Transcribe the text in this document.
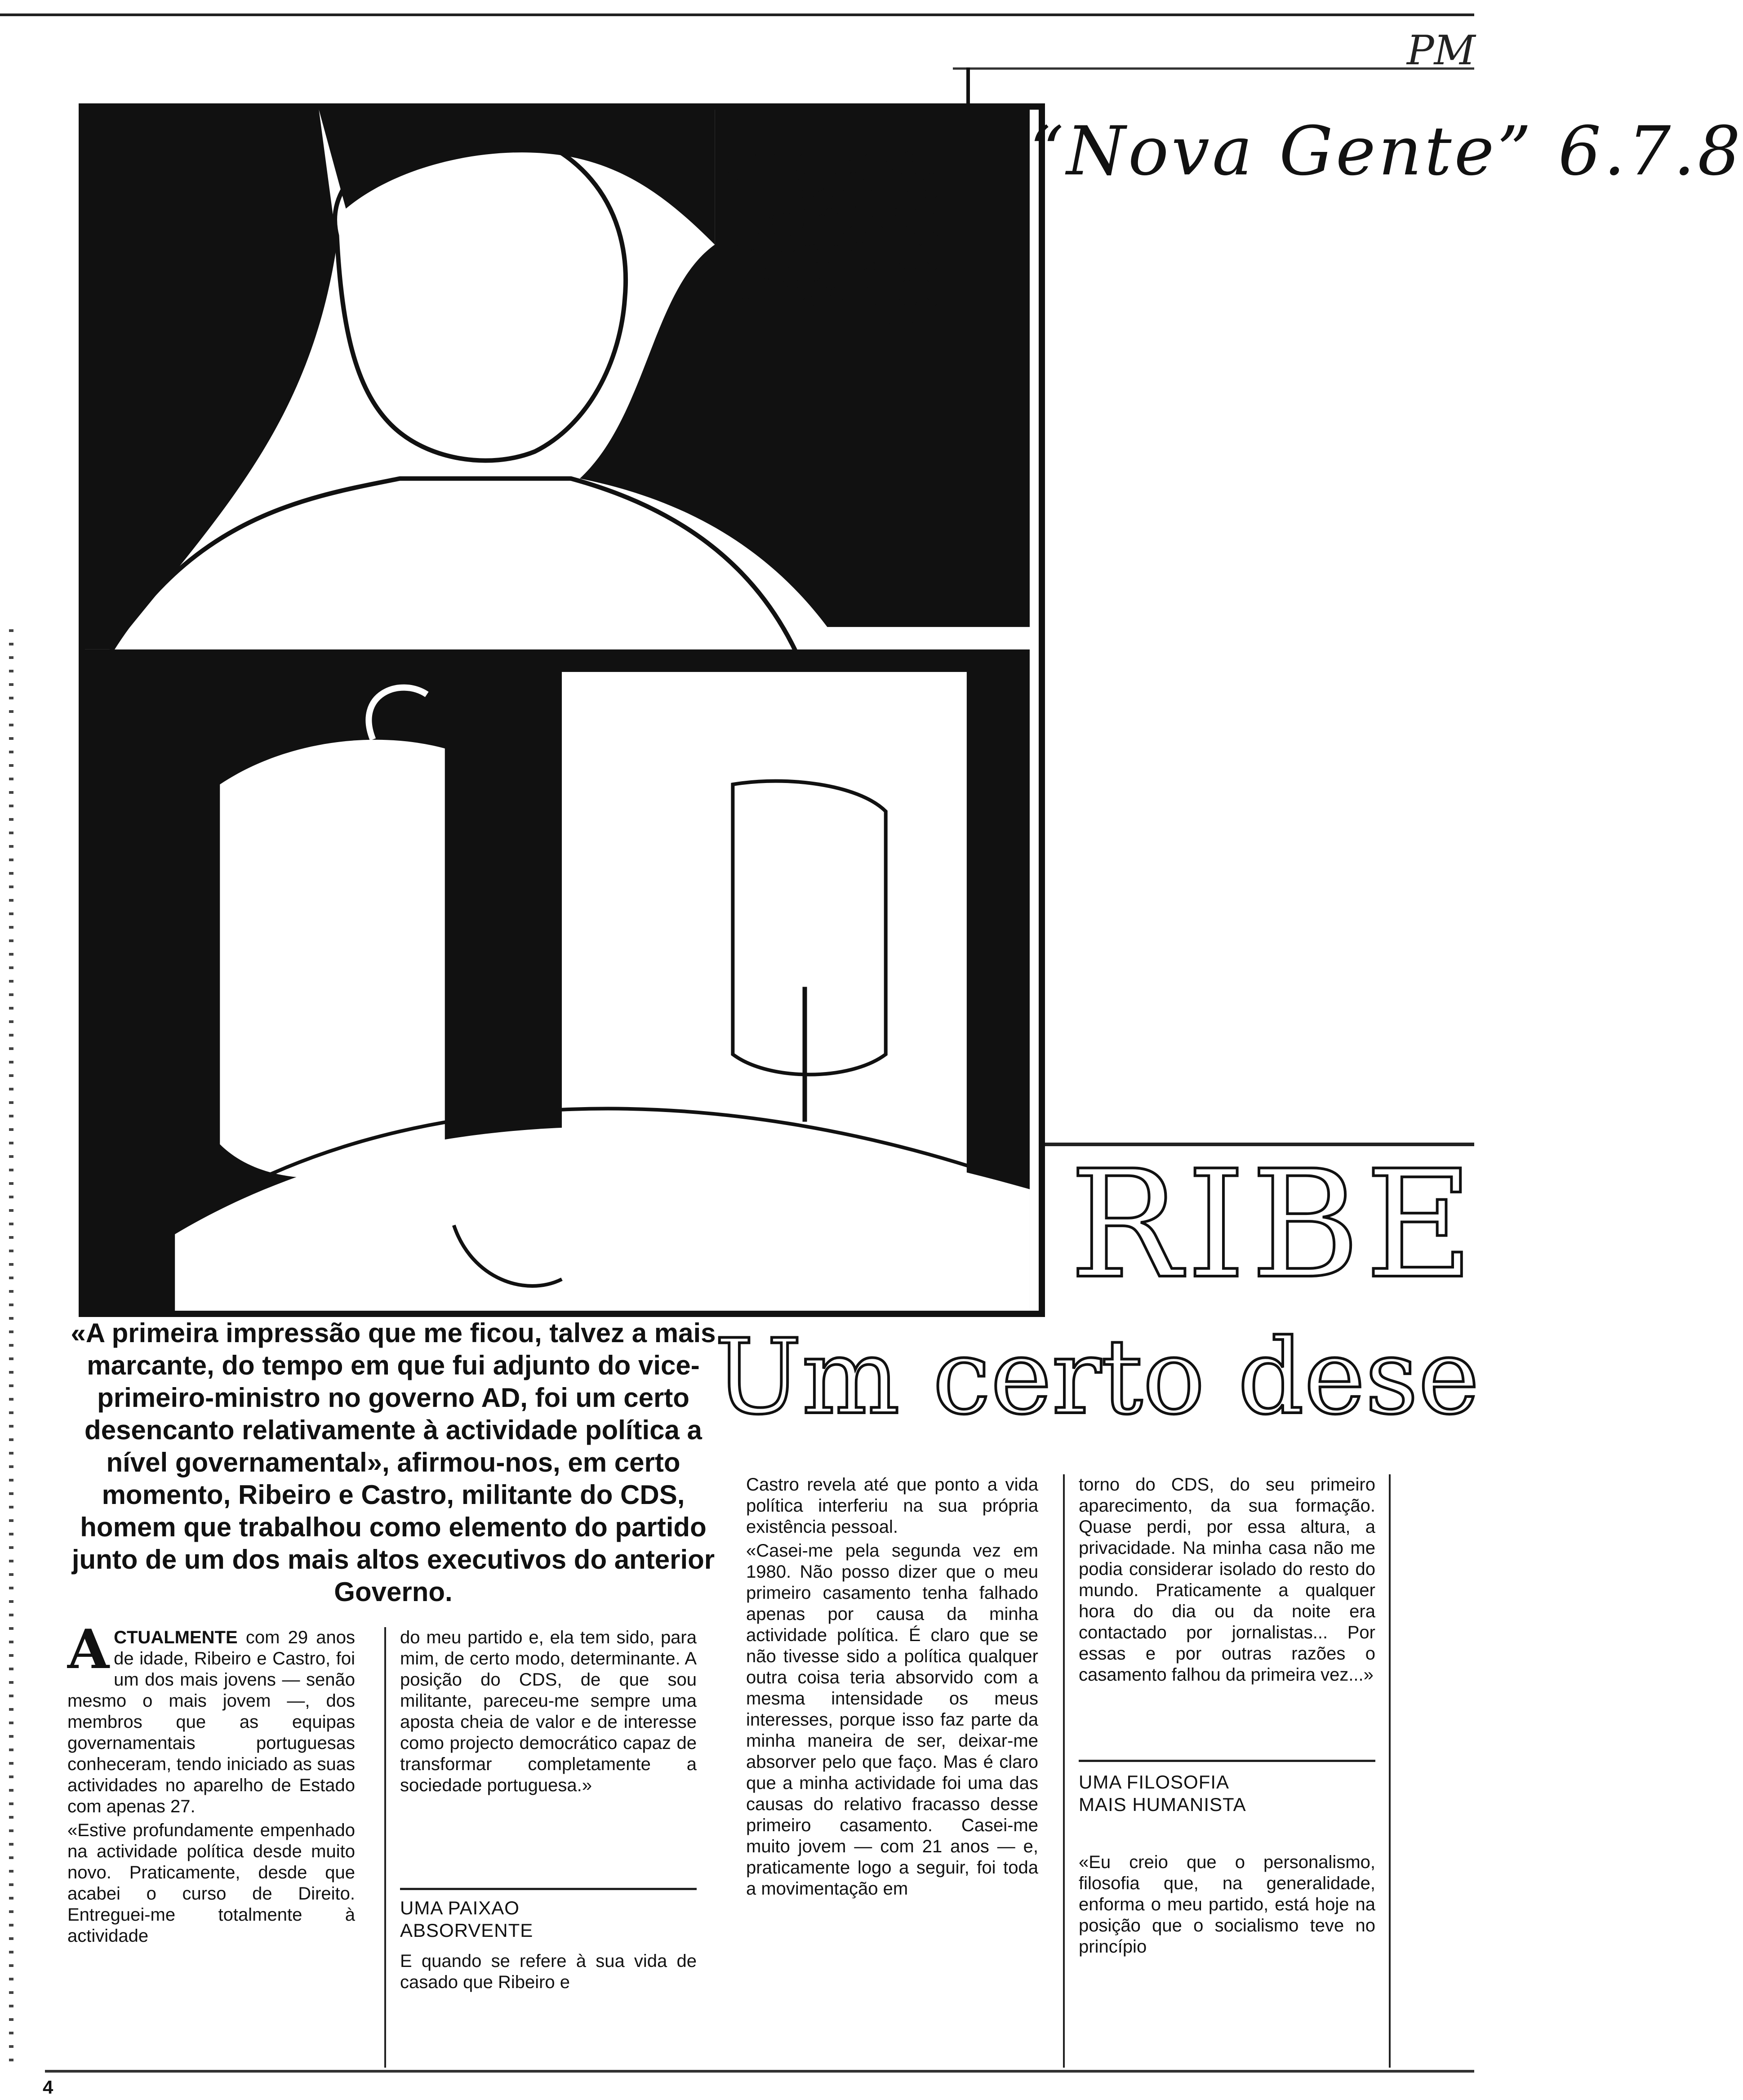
PM
Um dos mais jovens políticos que nos últimos tempos fizeram parte de uma equipa governamental, Ribeiro e Castro, de 29 anos de idade, revelou a «NG» até que ponto esteve empenhado na vida política portuguesa e o modo como isso interferiu na sua vida pessoal
“Nova Gente” 6.7.8
RIBE
Um certo dese
«A primeira impressão que me ficou, talvez a mais marcante, do tempo em que fui adjunto do vice-primeiro-ministro no governo AD, foi um certo desencanto relativamente à actividade política a nível governamental», afirmou-nos, em certo momento, Ribeiro e Castro, militante do CDS, homem que trabalhou como elemento do partido junto de um dos mais altos executivos do anterior Governo.

A CTUALMENTE com 29 anos de idade, Ribeiro e Castro, foi um dos mais jovens — senão mesmo o mais jovem —, dos membros que as equipas governamentais portuguesas conheceram, tendo iniciado as suas actividades no aparelho de Estado com apenas 27.

«Estive profundamente empenhado na actividade política desde muito novo. Praticamente, desde que acabei o curso de Direito. Entreguei-me totalmente à actividade

do meu partido e, ela tem sido, para mim, de certo modo, determinante. A posição do CDS, de que sou militante, pareceu-me sempre uma aposta cheia de valor e de interesse como projecto democrático capaz de transformar completamente a sociedade portuguesa.»

UMA PAIXAO
ABSORVENTE

E quando se refere à sua vida de casado que Ribeiro e

Castro revela até que ponto a vida política interferiu na sua própria existência pessoal.

«Casei-me pela segunda vez em 1980. Não posso dizer que o meu primeiro casamento tenha falhado apenas por causa da minha actividade política. É claro que se não tivesse sido a política qualquer outra coisa teria absorvido com a mesma intensidade os meus interesses, porque isso faz parte da minha maneira de ser, deixar-me absorver pelo que faço. Mas é claro que a minha actividade foi uma das causas do relativo fracasso desse primeiro casamento. Casei-me muito jovem — com 21 anos — e, praticamente logo a seguir, foi toda a movimentação em

torno do CDS, do seu primeiro aparecimento, da sua formação. Quase perdi, por essa altura, a privacidade. Na minha casa não me podia considerar isolado do resto do mundo. Praticamente a qualquer hora do dia ou da noite era contactado por jornalistas... Por essas e por outras razões o casamento falhou da primeira vez...»

UMA FILOSOFIA
MAIS HUMANISTA

«Eu creio que o personalismo, filosofia que, na generalidade, enforma o meu partido, está hoje na posição que o socialismo teve no princípio

4
